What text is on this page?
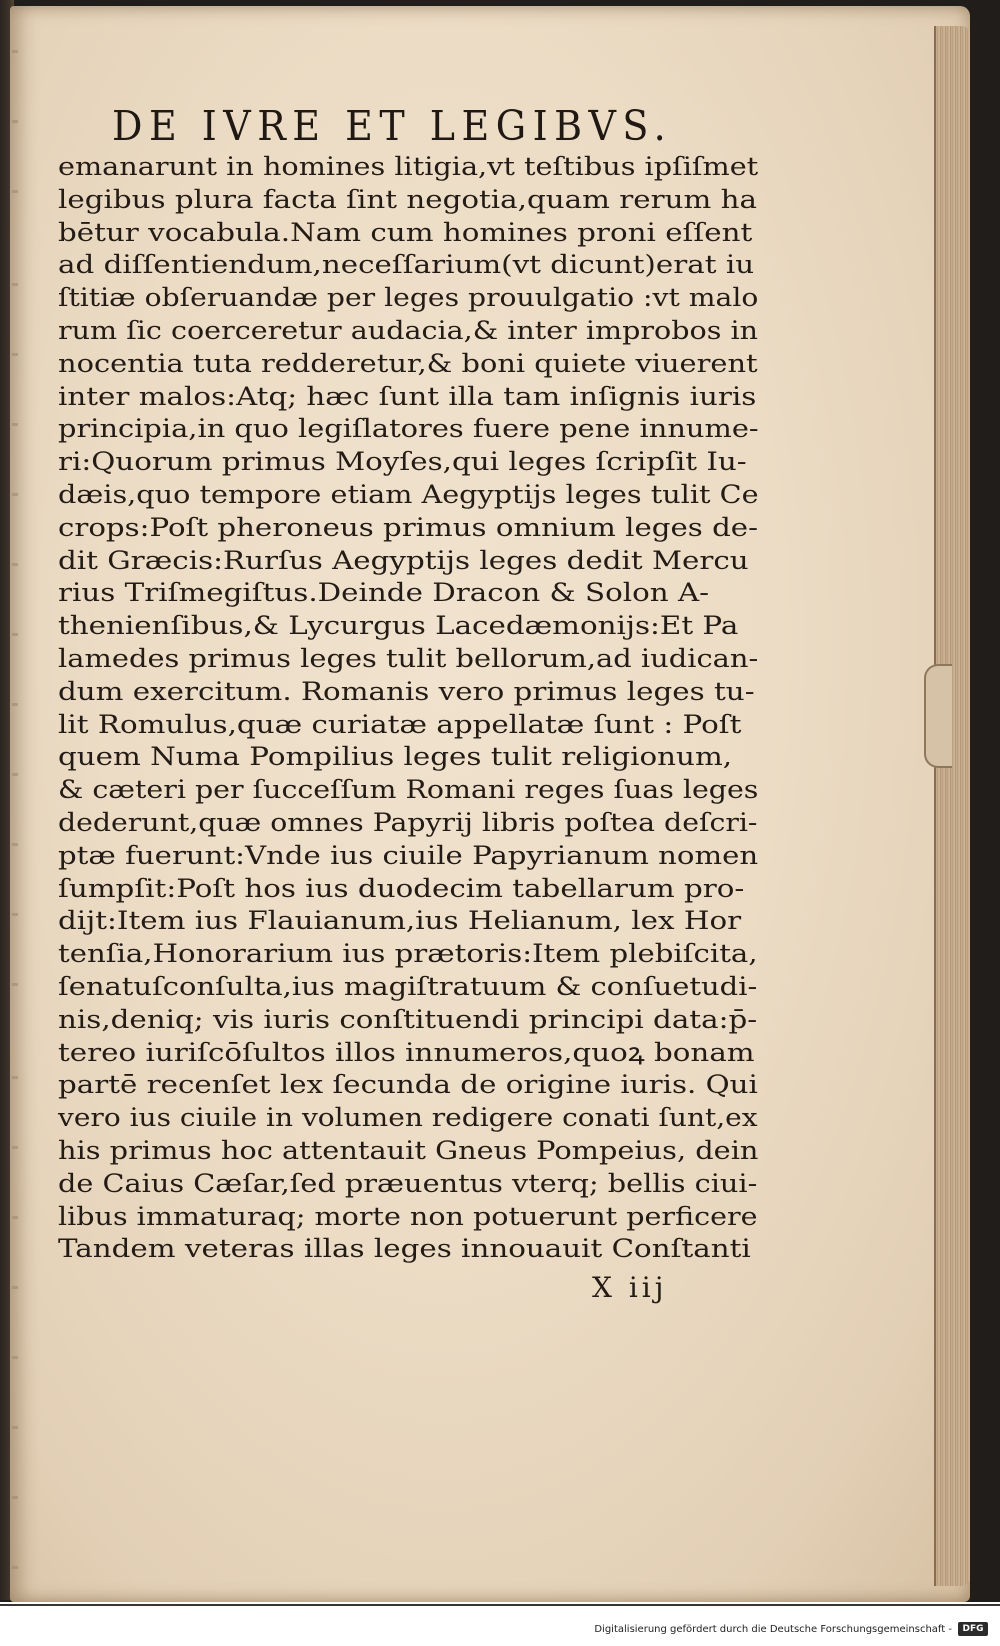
DE IVRE ET LEGIBVS.
emanarunt in homines litigia,vt teſtibus ipſiſmet
legibus plura facta ſint negotia,quam rerum ha
bētur vocabula.Nam cum homines proni eſſent
ad diſſentiendum,neceſſarium(vt dicunt)erat iu
ſtitiæ obſeruandæ per leges prouulgatio :vt malo
rum ſic coerceretur audacia,& inter improbos in
nocentia tuta redderetur,& boni quiete viuerent
inter malos:Atq; hæc ſunt illa tam inſignis iuris
principia,in quo legiſlatores fuere pene innume-
ri:Quorum primus Moyſes,qui leges ſcripſit Iu-
dæis,quo tempore etiam Aegyptijs leges tulit Ce
crops:Poſt pheroneus primus omnium leges de-
dit Græcis:Rurſus Aegyptijs leges dedit Mercu
rius Triſmegiſtus.Deinde Dracon & Solon A-
thenienſibus,& Lycurgus Lacedæmonijs:Et Pa
lamedes primus leges tulit bellorum,ad iudican-
dum exercitum. Romanis vero primus leges tu-
lit Romulus,quæ curiatæ appellatæ ſunt : Poſt
quem Numa Pompilius leges tulit religionum,
& cæteri per ſucceſſum Romani reges ſuas leges
dederunt,quæ omnes Papyrij libris poſtea deſcri-
ptæ fuerunt:Vnde ius ciuile Papyrianum nomen
ſumpſit:Poſt hos ius duodecim tabellarum pro-
dijt:Item ius Flauianum,ius Helianum, lex Hor
tenſia,Honorarium ius prætoris:Item plebiſcita,
ſenatuſconſulta,ius magiſtratuum & conſuetudi-
nis,deniq; vis iuris conſtituendi principi data:p̄-
tereo iuriſcōſultos illos innumeros,quoꝝ bonam
partē recenſet lex ſecunda de origine iuris. Qui
vero ius ciuile in volumen redigere conati ſunt,ex
his primus hoc attentauit Gneus Pompeius, dein
de Caius Cæſar,ſed præuentus vterq; bellis ciui-
libus immaturaq; morte non potuerunt perficere
Tandem veteras illas leges innouauit Conſtanti
X iij
Digitalisierung gefördert durch die Deutsche Forschungsgemeinschaft -	DFG
